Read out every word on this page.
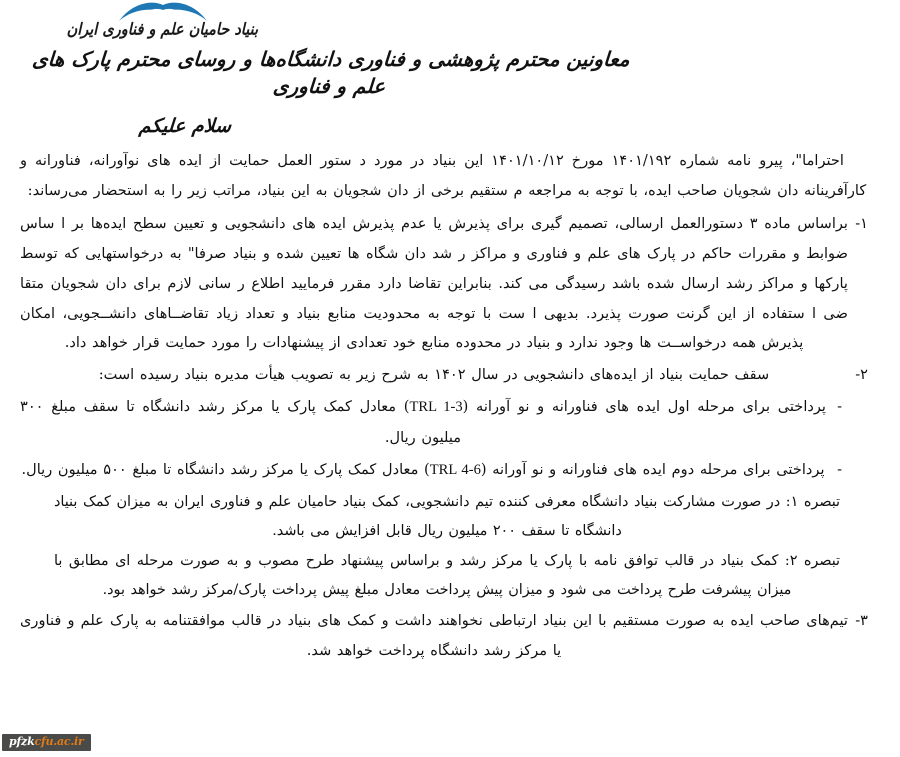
بنیاد حامیان علم و فناوری ایران
معاونین محترم پژوهشی و فناوری دانشگاه‌ها و روسای محترم پارک های علم و فناوری
سلام علیکم

احتراما"، پیرو نامه شماره ۱۴۰۱/۱۹۲ مورخ ۱۴۰۱/۱۰/۱۲ این بنیاد در مورد د ستور العمل حمایت از ایده های نوآورانه، فناورانه و کارآفرینانه دان شجویان صاحب ایده، با توجه به مراجعه م ستقیم برخی از دان شجویان به این بنیاد، مراتب زیر را به استحضار می‌رساند:

۱-
براساس ماده ۳ دستورالعمل ارسالی، تصمیم گیری برای پذیرش یا عدم پذیرش ایده های دانشجویی و تعیین سطح ایده‌ها بر ا ساس ضوابط و مقررات حاکم در پارک های علم و فناوری و مراکز ر شد دان شگاه ها تعیین شده و بنیاد صرفا" به درخواستهایی که توسط پارکها و مراکز رشد ارسال شده باشد رسیدگی می کند. بنابراین تقاضا دارد مقرر فرمایید اطلاع ر سانی لازم برای دان شجویان متقا ضی ا ستفاده از این گرنت صورت پذیرد. بدیهی ا ست با توجه به محدودیت منابع بنیاد و تعداد زیاد تقاضــاهای دانشــجویی، امکان پذیرش همه درخواســت ها وجود ندارد و بنیاد در محدوده منابع خود تعدادی از پیشنهادات را مورد حمایت قرار خواهد داد.
۲-
سقف حمایت بنیاد از ایده‌های دانشجویی در سال ۱۴۰۲ به شرح زیر به تصویب هیأت مدیره بنیاد رسیده است:
-
پرداختی برای مرحله اول ایده های فناورانه و نو آورانه (TRL 1-3) معادل کمک پارک یا مرکز رشد دانشگاه تا سقف مبلغ ۳۰۰ میلیون ریال.
-
پرداختی برای مرحله دوم ایده های فناورانه و نو آورانه (TRL 4-6) معادل کمک پارک یا مرکز رشد دانشگاه تا مبلغ ۵۰۰ میلیون ریال.

تبصره ۱: در صورت مشارکت بنیاد دانشگاه معرفی کننده تیم دانشجویی، کمک بنیاد حامیان علم و فناوری ایران به میزان کمک بنیاد دانشگاه تا سقف ۲۰۰ میلیون ریال قابل افزایش می باشد.

تبصره ۲: کمک بنیاد در قالب توافق نامه با پارک یا مرکز رشد و براساس پیشنهاد طرح مصوب و به صورت مرحله ای مطابق با میزان پیشرفت طرح پرداخت می شود و میزان پیش پرداخت معادل مبلغ پیش پرداخت پارک/مرکز رشد خواهد بود.

۳-
تیم‌های صاحب ایده به صورت مستقیم با این بنیاد ارتباطی نخواهند داشت و کمک های بنیاد در قالب موافقتنامه به پارک علم و فناوری یا مرکز رشد دانشگاه پرداخت خواهد شد.
pfzkcfu.ac.ir
